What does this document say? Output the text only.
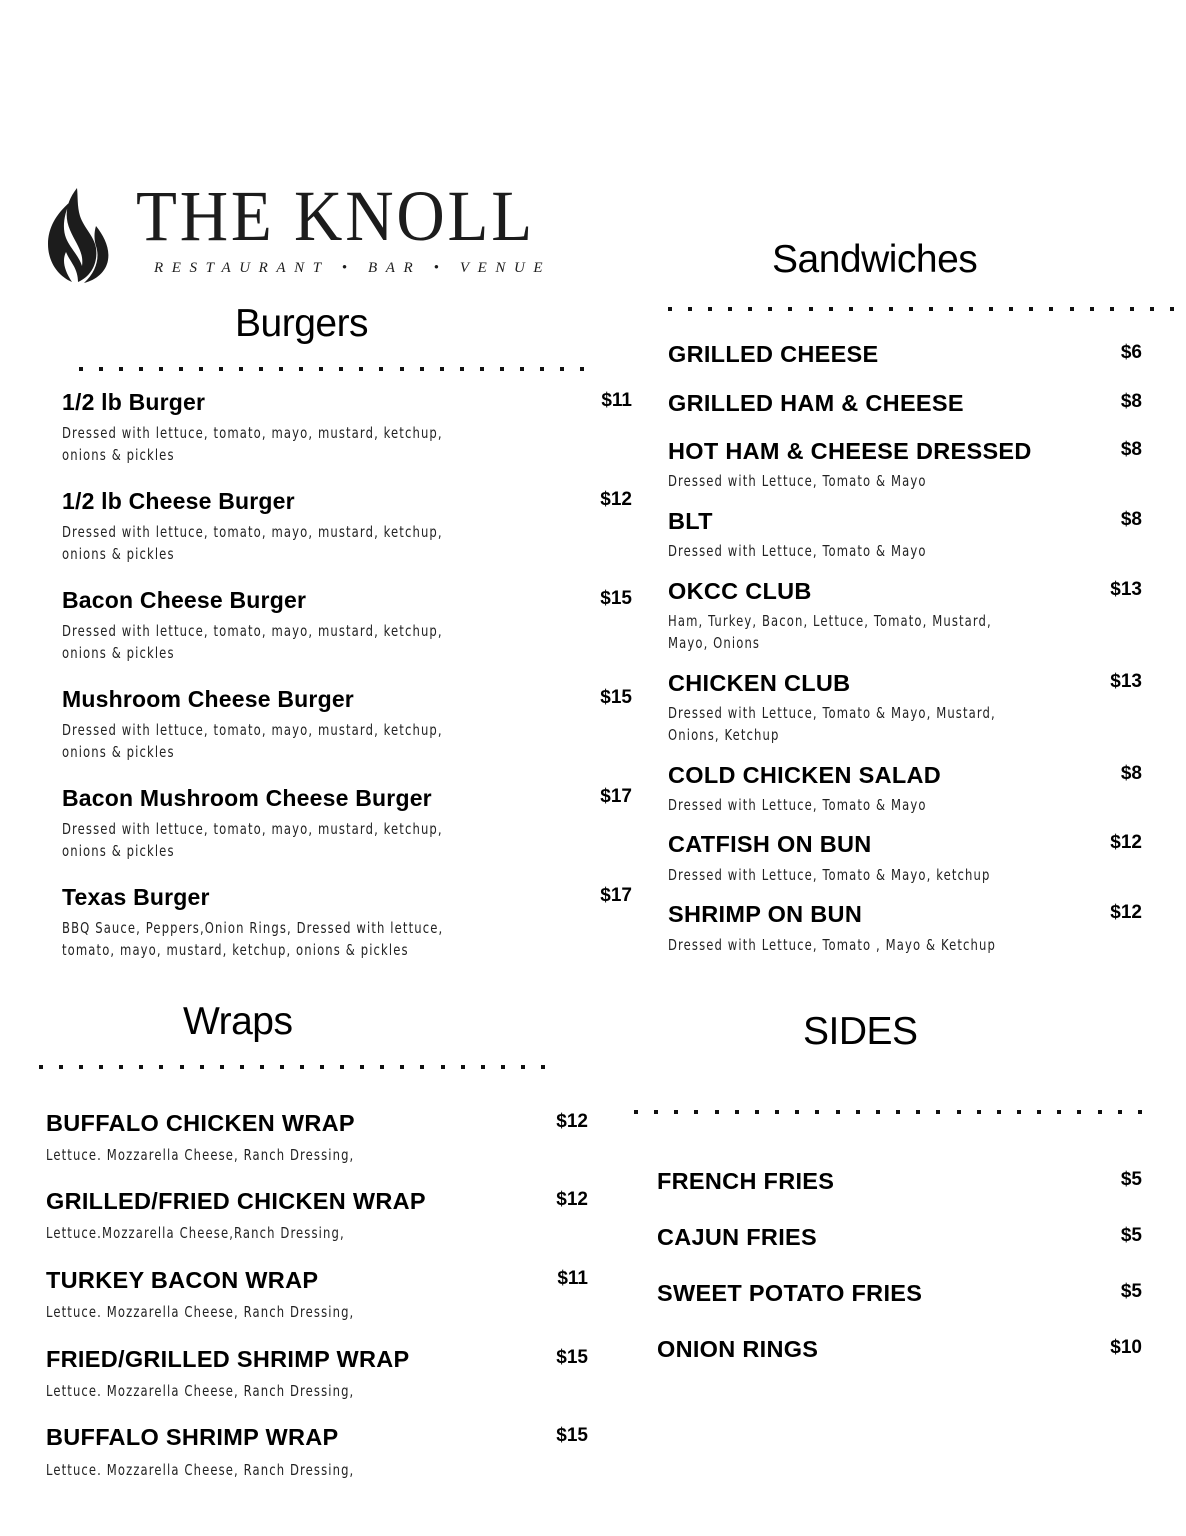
THE KNOLL
RESTAURANT • BAR • VENUE
Burgers
1/2 lb Burger	$11
Dressed with lettuce, tomato, mayo, mustard, ketchup,
onions & pickles
1/2 lb Cheese Burger	$12
Dressed with lettuce, tomato, mayo, mustard, ketchup,
onions & pickles
Bacon Cheese Burger	$15
Dressed with lettuce, tomato, mayo, mustard, ketchup,
onions & pickles
Mushroom Cheese Burger	$15
Dressed with lettuce, tomato, mayo, mustard, ketchup,
onions & pickles
Bacon Mushroom Cheese Burger	$17
Dressed with lettuce, tomato, mayo, mustard, ketchup,
onions & pickles
Texas Burger	$17
BBQ Sauce, Peppers,Onion Rings, Dressed with lettuce,
tomato, mayo, mustard, ketchup, onions & pickles
Sandwiches
GRILLED CHEESE	$6
GRILLED HAM & CHEESE	$8
HOT HAM & CHEESE DRESSED	$8
Dressed with Lettuce, Tomato & Mayo
BLT	$8
Dressed with Lettuce, Tomato & Mayo
OKCC CLUB	$13
Ham, Turkey, Bacon, Lettuce, Tomato, Mustard,
Mayo, Onions
CHICKEN CLUB	$13
Dressed with Lettuce, Tomato & Mayo, Mustard,
Onions, Ketchup
COLD CHICKEN SALAD	$8
Dressed with Lettuce, Tomato & Mayo
CATFISH ON BUN	$12
Dressed with Lettuce, Tomato & Mayo, ketchup
SHRIMP ON BUN	$12
Dressed with Lettuce, Tomato , Mayo & Ketchup
Wraps
BUFFALO CHICKEN WRAP	$12
Lettuce. Mozzarella Cheese, Ranch Dressing,
GRILLED/FRIED CHICKEN WRAP	$12
Lettuce.Mozzarella Cheese,Ranch Dressing,
TURKEY BACON WRAP	$11
Lettuce. Mozzarella Cheese, Ranch Dressing,
FRIED/GRILLED SHRIMP WRAP	$15
Lettuce. Mozzarella Cheese, Ranch Dressing,
BUFFALO SHRIMP WRAP	$15
Lettuce. Mozzarella Cheese, Ranch Dressing,
SIDES
FRENCH FRIES	$5
CAJUN FRIES	$5
SWEET POTATO FRIES	$5
ONION RINGS	$10
